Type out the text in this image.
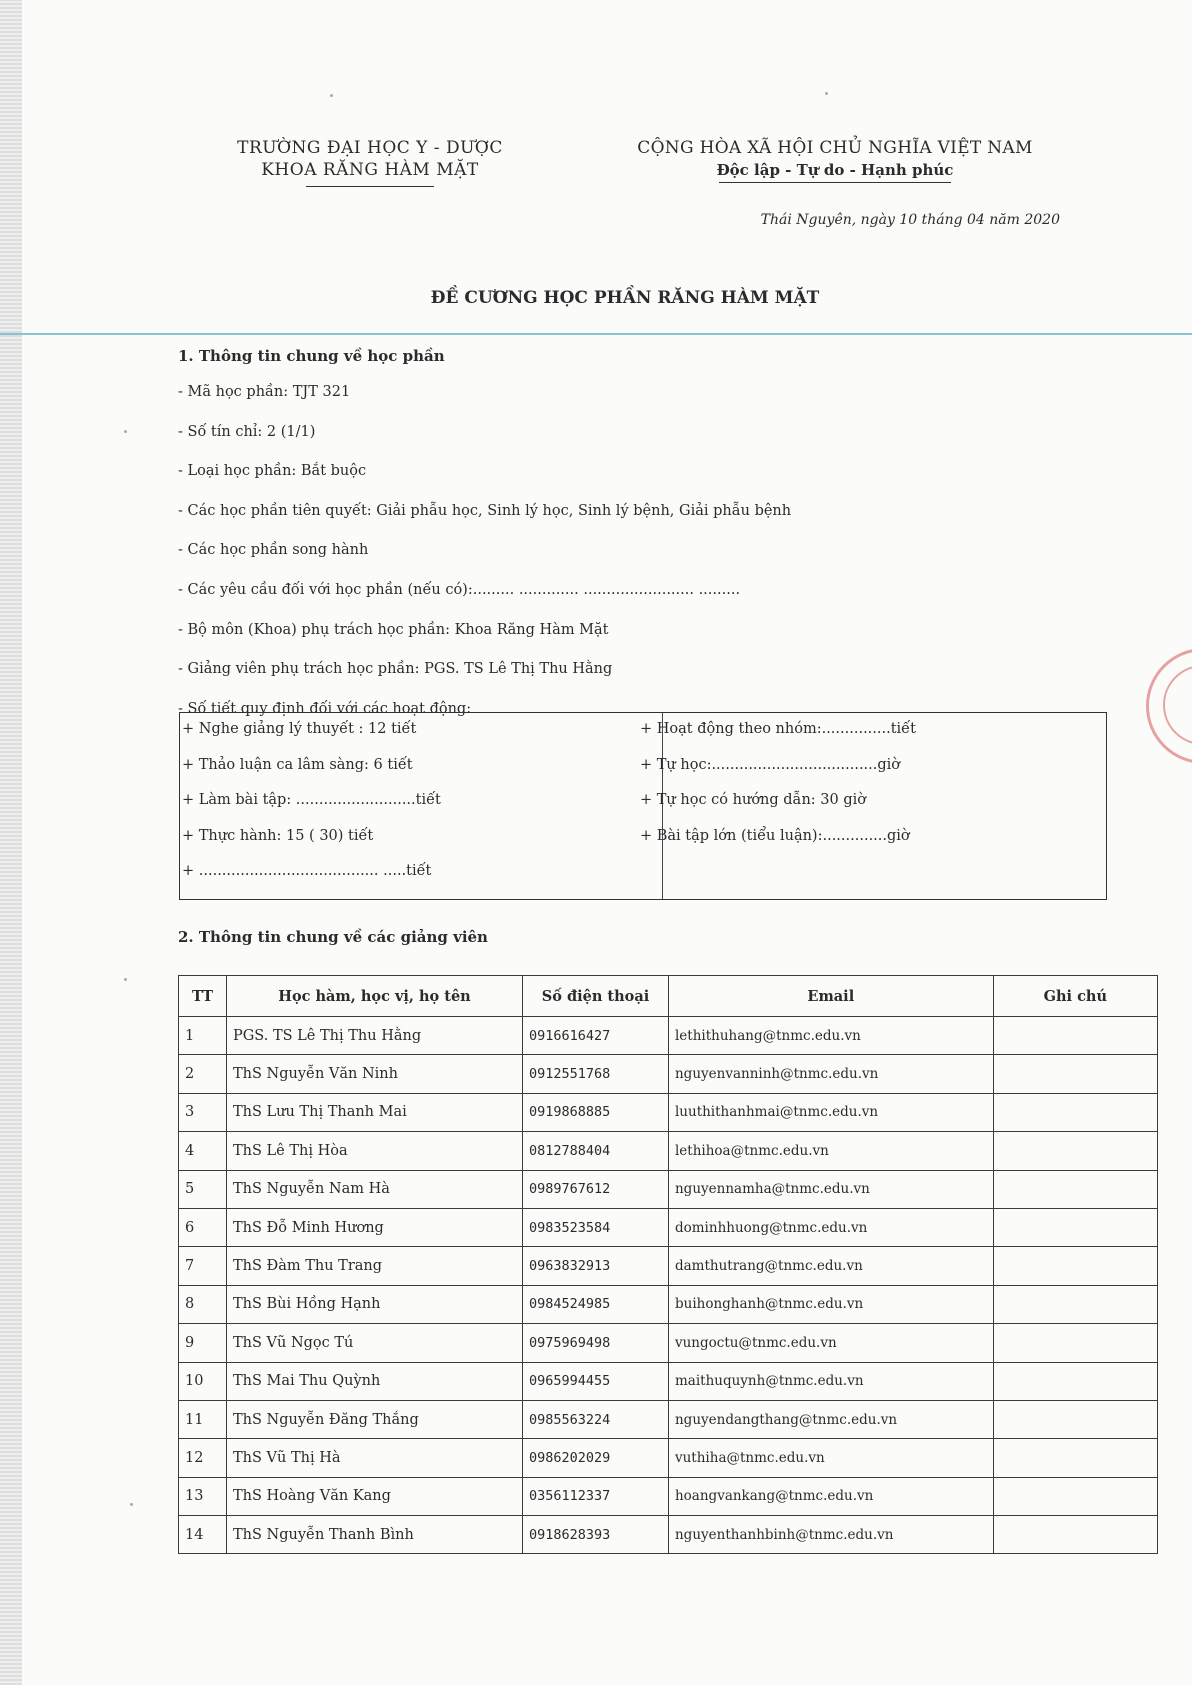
TRƯỜNG ĐẠI HỌC Y - DƯỢC
KHOA RĂNG HÀM MẶT
CỘNG HÒA XÃ HỘI CHỦ NGHĨA VIỆT NAM
Độc lập - Tự do - Hạnh phúc
Thái Nguyên, ngày 10 tháng 04 năm 2020
ĐỀ CƯƠNG HỌC PHẦN RĂNG HÀM MẶT
1. Thông tin chung về học phần
- Mã học phần: TJT 321
- Số tín chỉ: 2 (1/1)
- Loại học phần: Bắt buộc
- Các học phần tiên quyết: Giải phẫu học, Sinh lý học, Sinh lý bệnh, Giải phẫu bệnh
- Các học phần song hành
- Các yêu cầu đối với học phần (nếu có):......... ............. ........................ .........
- Bộ môn (Khoa) phụ trách học phần: Khoa Răng Hàm Mặt
- Giảng viên phụ trách học phần: PGS. TS Lê Thị Thu Hằng
- Số tiết quy định đối với các hoạt động:
+ Nghe giảng lý thuyết : 12 tiết
+ Thảo luận ca lâm sàng: 6 tiết
+ Làm bài tập: ..........................tiết
+ Thực hành: 15 ( 30) tiết
+ ....................................... .....tiết
+ Hoạt động theo nhóm:...............tiết
+ Tự học:....................................giờ
+ Tự học có hướng dẫn: 30 giờ
+ Bài tập lớn (tiểu luận):..............giờ
2. Thông tin chung về các giảng viên
TT	Học hàm, học vị, họ tên	Số điện thoại	Email	Ghi chú
1	PGS. TS Lê Thị Thu Hằng	0916616427	lethithuhang@tnmc.edu.vn	
2	ThS Nguyễn Văn Ninh	0912551768	nguyenvanninh@tnmc.edu.vn	
3	ThS Lưu Thị Thanh Mai	0919868885	luuthithanhmai@tnmc.edu.vn	
4	ThS Lê Thị Hòa	0812788404	lethihoa@tnmc.edu.vn	
5	ThS Nguyễn Nam Hà	0989767612	nguyennamha@tnmc.edu.vn	
6	ThS Đỗ Minh Hương	0983523584	dominhhuong@tnmc.edu.vn	
7	ThS Đàm Thu Trang	0963832913	damthutrang@tnmc.edu.vn	
8	ThS Bùi Hồng Hạnh	0984524985	buihonghanh@tnmc.edu.vn	
9	ThS Vũ Ngọc Tú	0975969498	vungoctu@tnmc.edu.vn	
10	ThS Mai Thu Quỳnh	0965994455	maithuquynh@tnmc.edu.vn	
11	ThS Nguyễn Đăng Thắng	0985563224	nguyendangthang@tnmc.edu.vn	
12	ThS Vũ Thị Hà	0986202029	vuthiha@tnmc.edu.vn	
13	ThS Hoàng Văn Kang	0356112337	hoangvankang@tnmc.edu.vn	
14	ThS Nguyễn Thanh Bình	0918628393	nguyenthanhbinh@tnmc.edu.vn	
